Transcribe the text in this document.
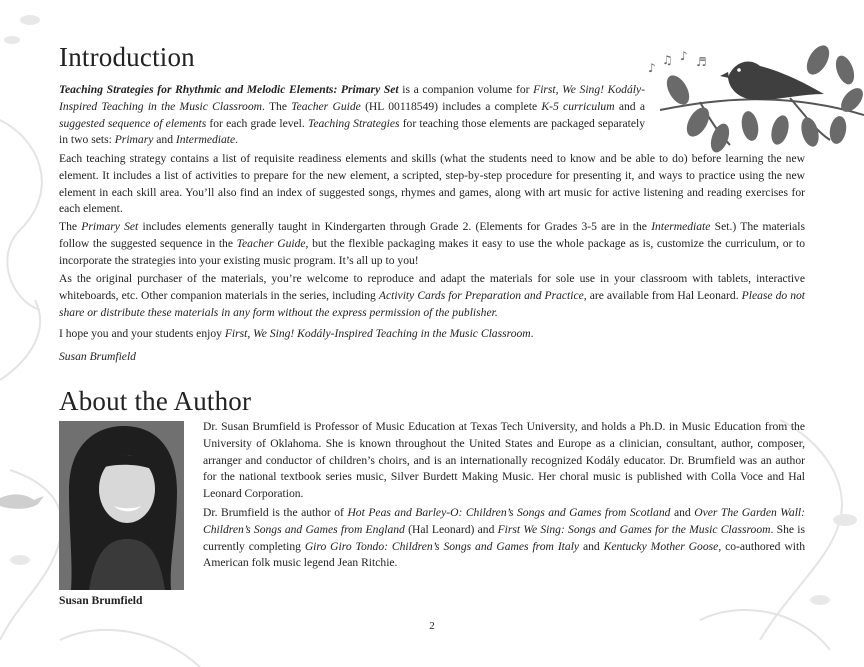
♪
♫ ♪ ♬
Introduction

Teaching Strategies for Rhythmic and Melodic Elements: Primary Set is a companion volume for First, We Sing! Kodály-Inspired Teaching in the Music Classroom. The Teacher Guide (HL 00118549) includes a complete K-5 curriculum and a suggested sequence of elements for each grade level. Teaching Strategies for teaching those elements are packaged separately in two sets: Primary and Intermediate.

Each teaching strategy contains a list of requisite readiness elements and skills (what the students need to know and be able to do) before learning the new element. It includes a list of activities to prepare for the new element, a scripted, step-by-step procedure for presenting it, and ways to practice using the new element in each skill area. You’ll also find an index of suggested songs, rhymes and games, along with art music for active listening and reading exercises for each element.

The Primary Set includes elements generally taught in Kindergarten through Grade 2. (Elements for Grades 3-5 are in the Intermediate Set.) The materials follow the suggested sequence in the Teacher Guide, but the flexible packaging makes it easy to use the whole package as is, customize the curriculum, or to incorporate the strategies into your existing music program. It’s all up to you!

As the original purchaser of the materials, you’re welcome to reproduce and adapt the materials for sole use in your classroom with tablets, interactive whiteboards, etc. Other companion materials in the series, including Activity Cards for Preparation and Practice, are available from Hal Leonard. Please do not share or distribute these materials in any form without the express permission of the publisher.

I hope you and your students enjoy First, We Sing! Kodály-Inspired Teaching in the Music Classroom.

Susan Brumfield

About the Author
Susan Brumfield

Dr. Susan Brumfield is Professor of Music Education at Texas Tech University, and holds a Ph.D. in Music Education from the University of Oklahoma. She is known throughout the United States and Europe as a clinician, consultant, author, composer, arranger and conductor of children’s choirs, and is an internationally recognized Kodály educator. Dr. Brumfield was an author for the national textbook series music, Silver Burdett Making Music. Her choral music is published with Colla Voce and Hal Leonard Corporation.

Dr. Brumfield is the author of Hot Peas and Barley-O: Children’s Songs and Games from Scotland and Over The Garden Wall: Children’s Songs and Games from England (Hal Leonard) and First We Sing: Songs and Games for the Music Classroom. She is currently completing Giro Giro Tondo: Children’s Songs and Games from Italy and Kentucky Mother Goose, co-authored with American folk music legend Jean Ritchie.

2
